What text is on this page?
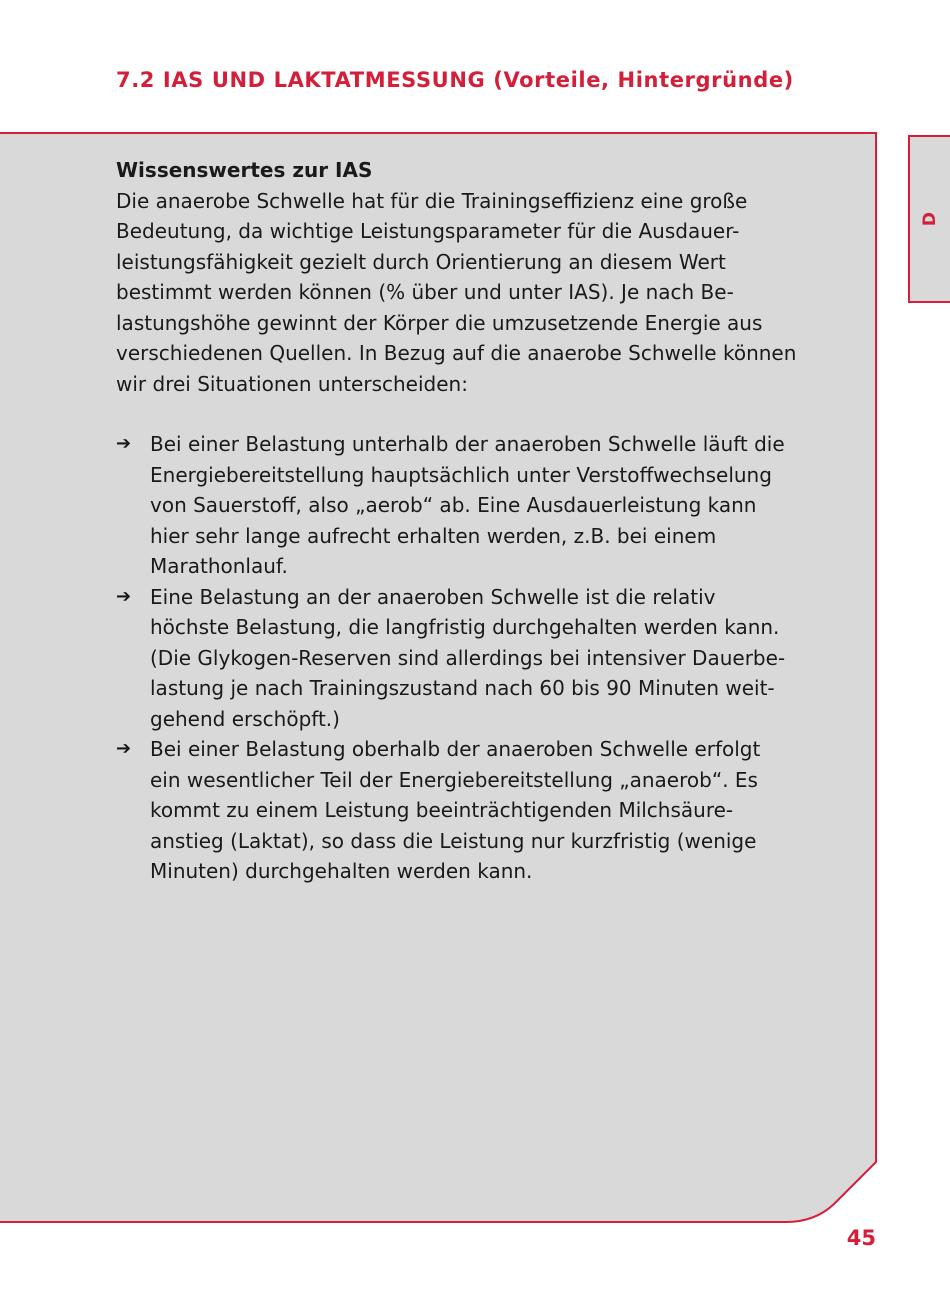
7.2 IAS UND LAKTATMESSUNG (Vorteile, Hintergründe)
D
Wissenswertes zur IAS
Die anaerobe Schwelle hat für die Trainingseffizienz eine große
Bedeutung, da wichtige Leistungsparameter für die Ausdauer-
leistungsfähigkeit gezielt durch Orientierung an diesem Wert
bestimmt werden können (% über und unter IAS). Je nach Be-
lastungshöhe gewinnt der Körper die umzusetzende Energie aus
verschiedenen Quellen. In Bezug auf die anaerobe Schwelle können
wir drei Situationen unterscheiden:
➔ Bei einer Belastung unterhalb der anaeroben Schwelle läuft die
Energiebereitstellung hauptsächlich unter Verstoffwechselung
von Sauerstoff, also „aerob“ ab. Eine Ausdauerleistung kann
hier sehr lange aufrecht erhalten werden, z.B. bei einem
Marathonlauf.
➔ Eine Belastung an der anaeroben Schwelle ist die relativ
höchste Belastung, die langfristig durchgehalten werden kann.
(Die Glykogen-Reserven sind allerdings bei intensiver Dauerbe-
lastung je nach Trainingszustand nach 60 bis 90 Minuten weit-
gehend erschöpft.)
➔ Bei einer Belastung oberhalb der anaeroben Schwelle erfolgt
ein wesentlicher Teil der Energiebereitstellung „anaerob“. Es
kommt zu einem Leistung beeinträchtigenden Milchsäure-
anstieg (Laktat), so dass die Leistung nur kurzfristig (wenige
Minuten) durchgehalten werden kann.
45
